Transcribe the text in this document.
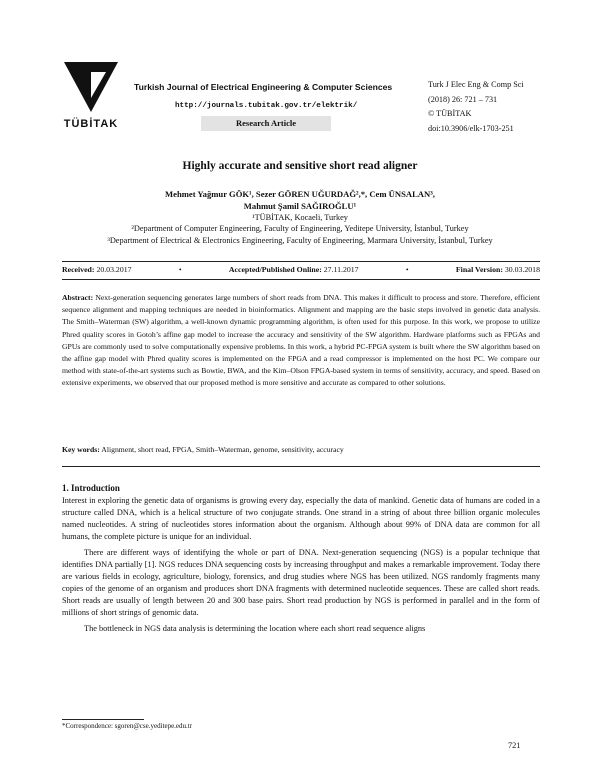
TÜBİTAK
Turkish Journal of Electrical Engineering & Computer Sciences
http://journals.tubitak.gov.tr/elektrik/
Research Article
Turk J Elec Eng & Comp Sci
(2018) 26: 721 – 731
© TÜBİTAK
doi:10.3906/elk-1703-251
Highly accurate and sensitive short read aligner
Mehmet Yağmur GÖK¹, Sezer GÖREN UĞURDAĞ²,*, Cem ÜNSALAN³,
Mahmut Şamil SAĞIROĞLU¹
¹TÜBİTAK, Kocaeli, Turkey
²Department of Computer Engineering, Faculty of Engineering, Yeditepe University, İstanbul, Turkey
³Department of Electrical & Electronics Engineering, Faculty of Engineering, Marmara University, İstanbul, Turkey
Received: 20.03.2017	•	Accepted/Published Online: 27.11.2017	•	Final Version: 30.03.2018
Abstract: Next-generation sequencing generates large numbers of short reads from DNA. This makes it difficult to process and store. Therefore, efficient sequence alignment and mapping techniques are needed in bioinformatics. Alignment and mapping are the basic steps involved in genetic data analysis. The Smith–Waterman (SW) algorithm, a well-known dynamic programming algorithm, is often used for this purpose. In this work, we propose to utilize Phred quality scores in Gotoh’s affine gap model to increase the accuracy and sensitivity of the SW algorithm. Hardware platforms such as FPGAs and GPUs are commonly used to solve computationally expensive problems. In this work, a hybrid PC-FPGA system is built where the SW algorithm based on the affine gap model with Phred quality scores is implemented on the FPGA and a read compressor is implemented on the host PC. We compare our method with state-of-the-art systems such as Bowtie, BWA, and the Kim–Olson FPGA-based system in terms of sensitivity, accuracy, and speed. Based on extensive experiments, we observed that our proposed method is more sensitive and accurate as compared to other solutions.
Key words: Alignment, short read, FPGA, Smith–Waterman, genome, sensitivity, accuracy
1. Introduction

Interest in exploring the genetic data of organisms is growing every day, especially the data of mankind. Genetic data of humans are coded in a structure called DNA, which is a helical structure of two conjugate strands. One strand in a string of about three billion organic molecules named nucleotides. A string of nucleotides stores information about the organism. Although about 99% of DNA data are common for all humans, the complete picture is unique for an individual.

There are different ways of identifying the whole or part of DNA. Next-generation sequencing (NGS) is a popular technique that identifies DNA partially [1]. NGS reduces DNA sequencing costs by increasing throughput and makes a remarkable improvement. Today there are various fields in ecology, agriculture, biology, forensics, and drug studies where NGS has been utilized. NGS randomly fragments many copies of the genome of an organism and produces short DNA fragments with determined nucleotide sequences. These are called short reads. Short reads are usually of length between 20 and 300 base pairs. Short read production by NGS is performed in parallel and in the form of millions of short strings of genomic data.

The bottleneck in NGS data analysis is determining the location where each short read sequence aligns

*Correspondence: sgoren@cse.yeditepe.edu.tr
721
